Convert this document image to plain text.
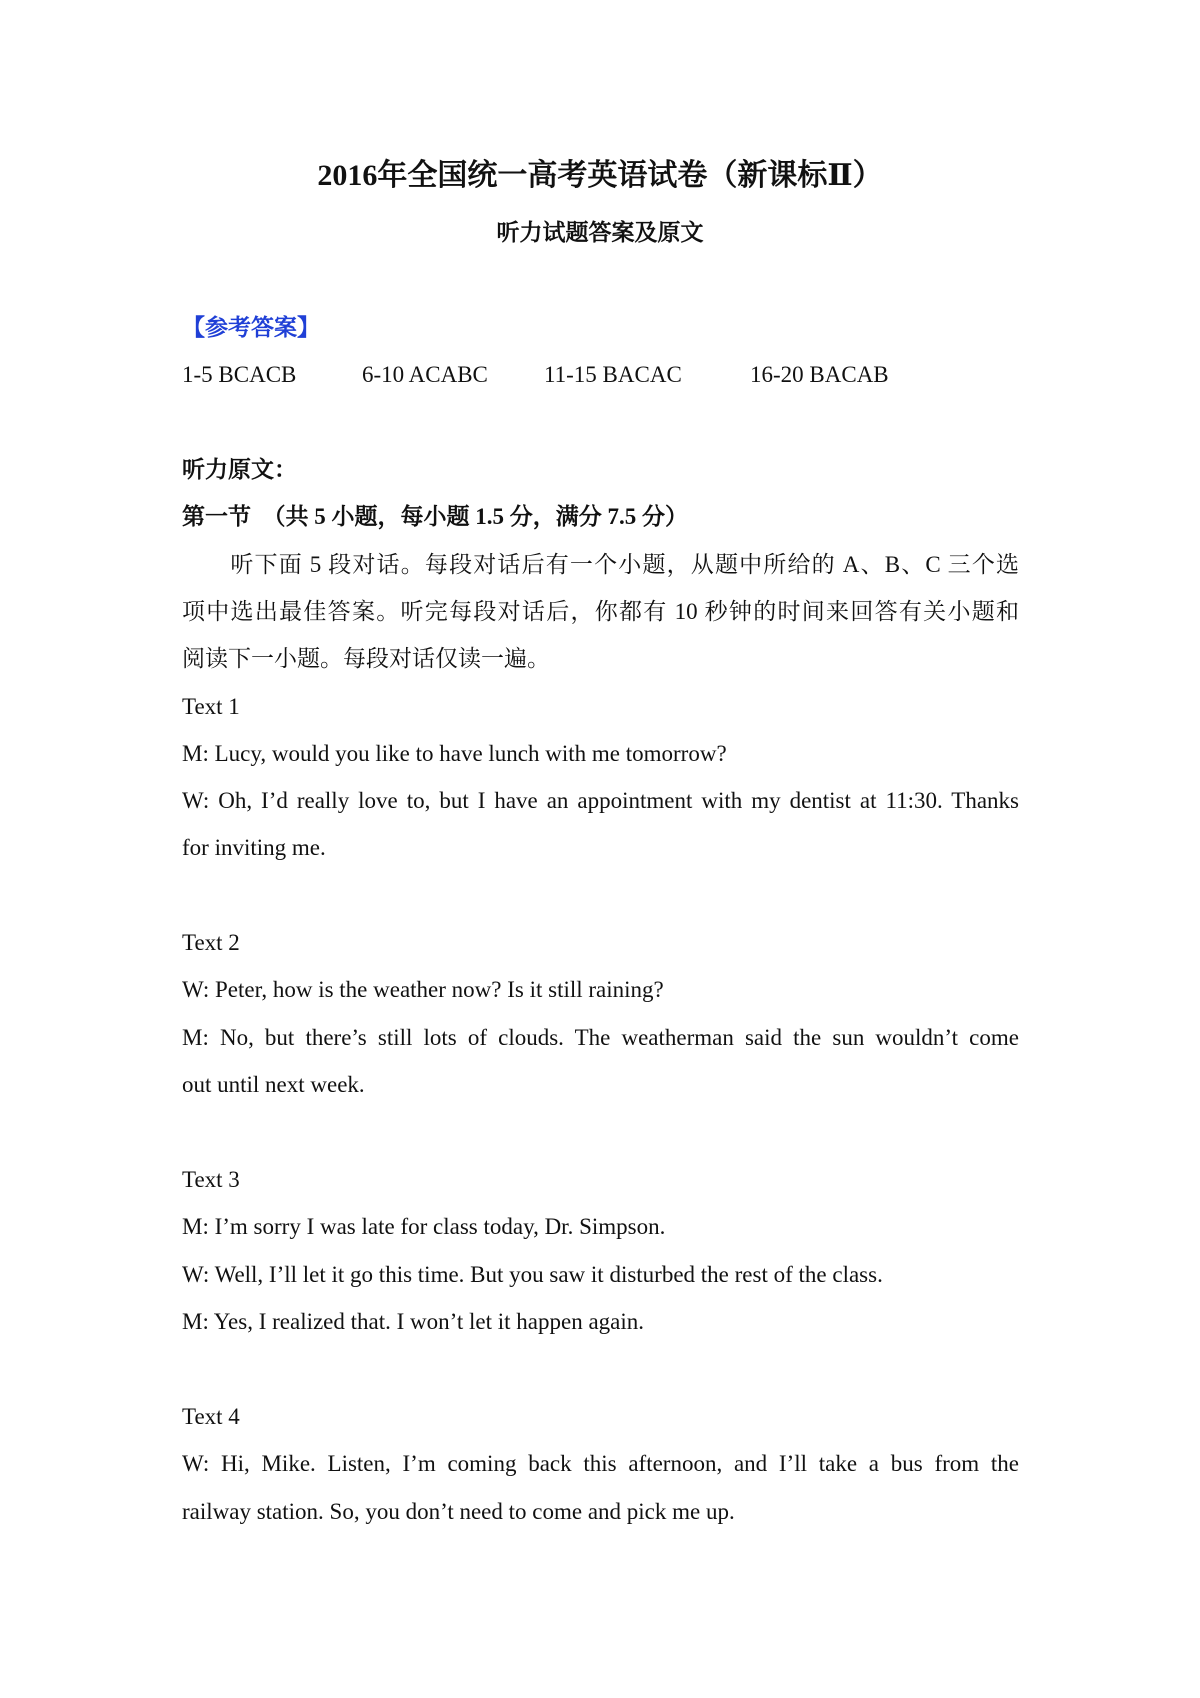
2016年全国统一高考英语试卷（新课标Ⅱ）
听力试题答案及原文
【参考答案】
1-5 BCACB	6-10 ACABC	11-15 BACAC	16-20 BACAB
听力原文：
第一节　（共 5 小题，每小题 1.5 分，满分 7.5 分）
　　听下面 5 段对话。每段对话后有一个小题，从题中所给的 A、B、C 三个选
项中选出最佳答案。听完每段对话后，你都有 10 秒钟的时间来回答有关小题和
阅读下一小题。每段对话仅读一遍。
Text 1
M: Lucy, would you like to have lunch with me tomorrow?
W: Oh, I’d really love to, but I have an appointment with my dentist at 11:30. Thanks
for inviting me.
Text 2
W: Peter, how is the weather now? Is it still raining?
M: No, but there’s still lots of clouds. The weatherman said the sun wouldn’t come
out until next week.
Text 3
M: I’m sorry I was late for class today, Dr. Simpson.
W: Well, I’ll let it go this time. But you saw it disturbed the rest of the class.
M: Yes, I realized that. I won’t let it happen again.
Text 4
W: Hi, Mike. Listen, I’m coming back this afternoon, and I’ll take a bus from the
railway station. So, you don’t need to come and pick me up.
